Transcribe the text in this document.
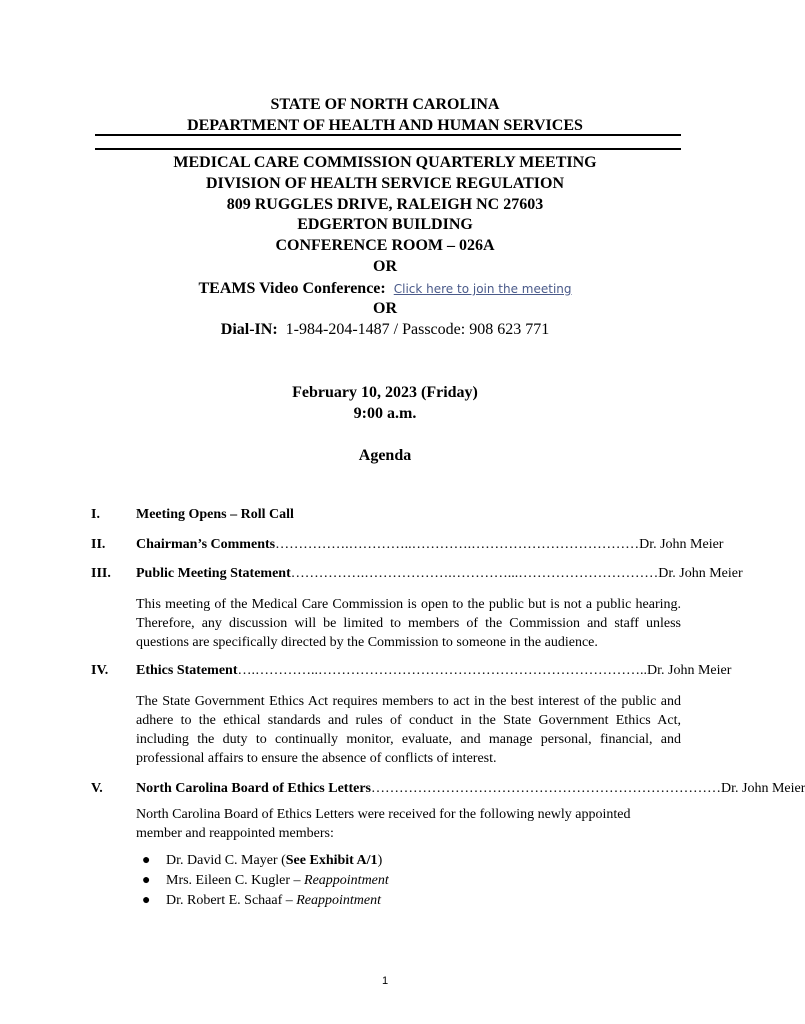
STATE OF NORTH CAROLINA
DEPARTMENT OF HEALTH AND HUMAN SERVICES
MEDICAL CARE COMMISSION QUARTERLY MEETING
DIVISION OF HEALTH SERVICE REGULATION
809 RUGGLES DRIVE, RALEIGH NC 27603
EDGERTON BUILDING
CONFERENCE ROOM – 026A
OR
TEAMS Video Conference: Click here to join the meeting
OR
Dial-IN: 1-984-204-1487 / Passcode: 908 623 771
February 10, 2023 (Friday)
9:00 a.m.
Agenda
I.	Meeting Opens – Roll Call
II. Chairman’s Comments …………….…………..………….……………………………… Dr. John Meier
III. Public Meeting Statement …………….……………….…………...………………………… Dr. John Meier
This meeting of the Medical Care Commission is open to the public but is not a public hearing. Therefore, any discussion will be limited to members of the Commission and staff unless questions are specifically directed by the Commission to someone in the audience.
IV. Ethics Statement ….…………..…………………………………………………………….. Dr. John Meier
The State Government Ethics Act requires members to act in the best interest of the public and adhere to the ethical standards and rules of conduct in the State Government Ethics Act, including the duty to continually monitor, evaluate, and manage personal, financial, and professional affairs to ensure the absence of conflicts of interest.
V. North Carolina Board of Ethics Letters ………………………………………………………………… Dr. John Meier
North Carolina Board of Ethics Letters were received for the following newly appointed member and reappointed members:
● Dr. David C. Mayer (See Exhibit A/1)
● Mrs. Eileen C. Kugler – Reappointment
● Dr. Robert E. Schaaf – Reappointment
1
